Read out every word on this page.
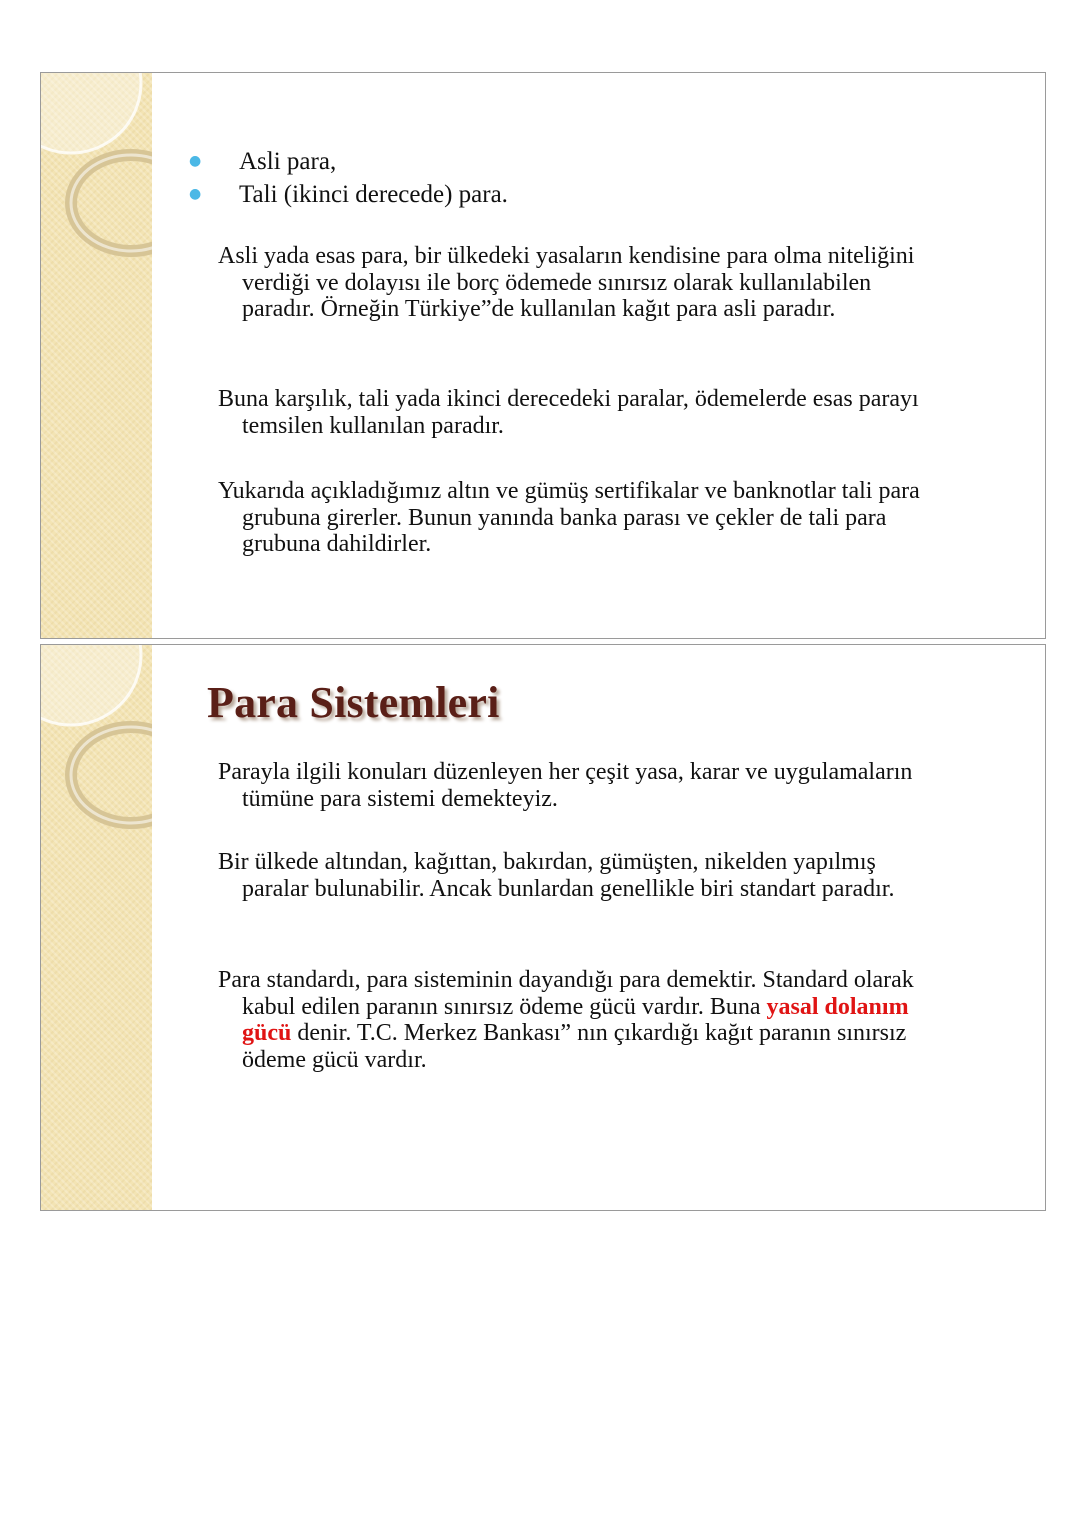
● Asli para,
● Tali (ikinci derecede) para.

Asli yada esas para, bir ülkedeki yasaların kendisine para olma niteliğini verdiği ve dolayısı ile borç ödemede sınırsız olarak kullanılabilen paradır. Örneğin Türkiye”de kullanılan kağıt para asli paradır.

Buna karşılık, tali yada ikinci derecedeki paralar, ödemelerde esas parayı temsilen kullanılan paradır.

Yukarıda açıkladığımız altın ve gümüş sertifikalar ve banknotlar tali para grubuna girerler. Bunun yanında banka parası ve çekler de tali para grubuna dahildirler.

Para Sistemleri

Parayla ilgili konuları düzenleyen her çeşit yasa, karar ve uygulamaların tümüne para sistemi demekteyiz.

Bir ülkede altından, kağıttan, bakırdan, gümüşten, nikelden yapılmış paralar bulunabilir. Ancak bunlardan genellikle biri standart paradır.

Para standardı, para sisteminin dayandığı para demektir. Standard olarak kabul edilen paranın sınırsız ödeme gücü vardır. Buna yasal dolanım gücü denir. T.C. Merkez Bankası” nın çıkardığı kağıt paranın sınırsız ödeme gücü vardır.
